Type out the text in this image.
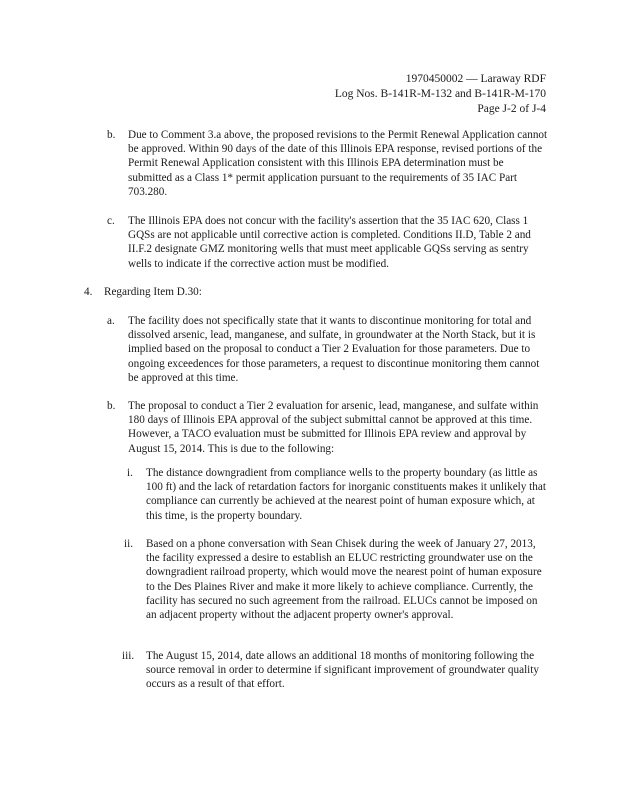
1970450002 — Laraway RDF
Log Nos. B-141R-M-132 and B-141R-M-170
Page J-2 of J-4
b. Due to Comment 3.a above, the proposed revisions to the Permit Renewal Application cannot be approved. Within 90 days of the date of this Illinois EPA response, revised portions of the Permit Renewal Application consistent with this Illinois EPA determination must be submitted as a Class 1* permit application pursuant to the requirements of 35 IAC Part 703.280.
c. The Illinois EPA does not concur with the facility's assertion that the 35 IAC 620, Class 1 GQSs are not applicable until corrective action is completed. Conditions II.D, Table 2 and II.F.2 designate GMZ monitoring wells that must meet applicable GQSs serving as sentry wells to indicate if the corrective action must be modified.
4. Regarding Item D.30:
a. The facility does not specifically state that it wants to discontinue monitoring for total and dissolved arsenic, lead, manganese, and sulfate, in groundwater at the North Stack, but it is implied based on the proposal to conduct a Tier 2 Evaluation for those parameters. Due to ongoing exceedences for those parameters, a request to discontinue monitoring them cannot be approved at this time.
b. The proposal to conduct a Tier 2 evaluation for arsenic, lead, manganese, and sulfate within 180 days of Illinois EPA approval of the subject submittal cannot be approved at this time. However, a TACO evaluation must be submitted for Illinois EPA review and approval by August 15, 2014. This is due to the following:
i. The distance downgradient from compliance wells to the property boundary (as little as 100 ft) and the lack of retardation factors for inorganic constituents makes it unlikely that compliance can currently be achieved at the nearest point of human exposure which, at this time, is the property boundary.
ii. Based on a phone conversation with Sean Chisek during the week of January 27, 2013, the facility expressed a desire to establish an ELUC restricting groundwater use on the downgradient railroad property, which would move the nearest point of human exposure to the Des Plaines River and make it more likely to achieve compliance. Currently, the facility has secured no such agreement from the railroad. ELUCs cannot be imposed on an adjacent property without the adjacent property owner's approval.
iii. The August 15, 2014, date allows an additional 18 months of monitoring following the source removal in order to determine if significant improvement of groundwater quality occurs as a result of that effort.
